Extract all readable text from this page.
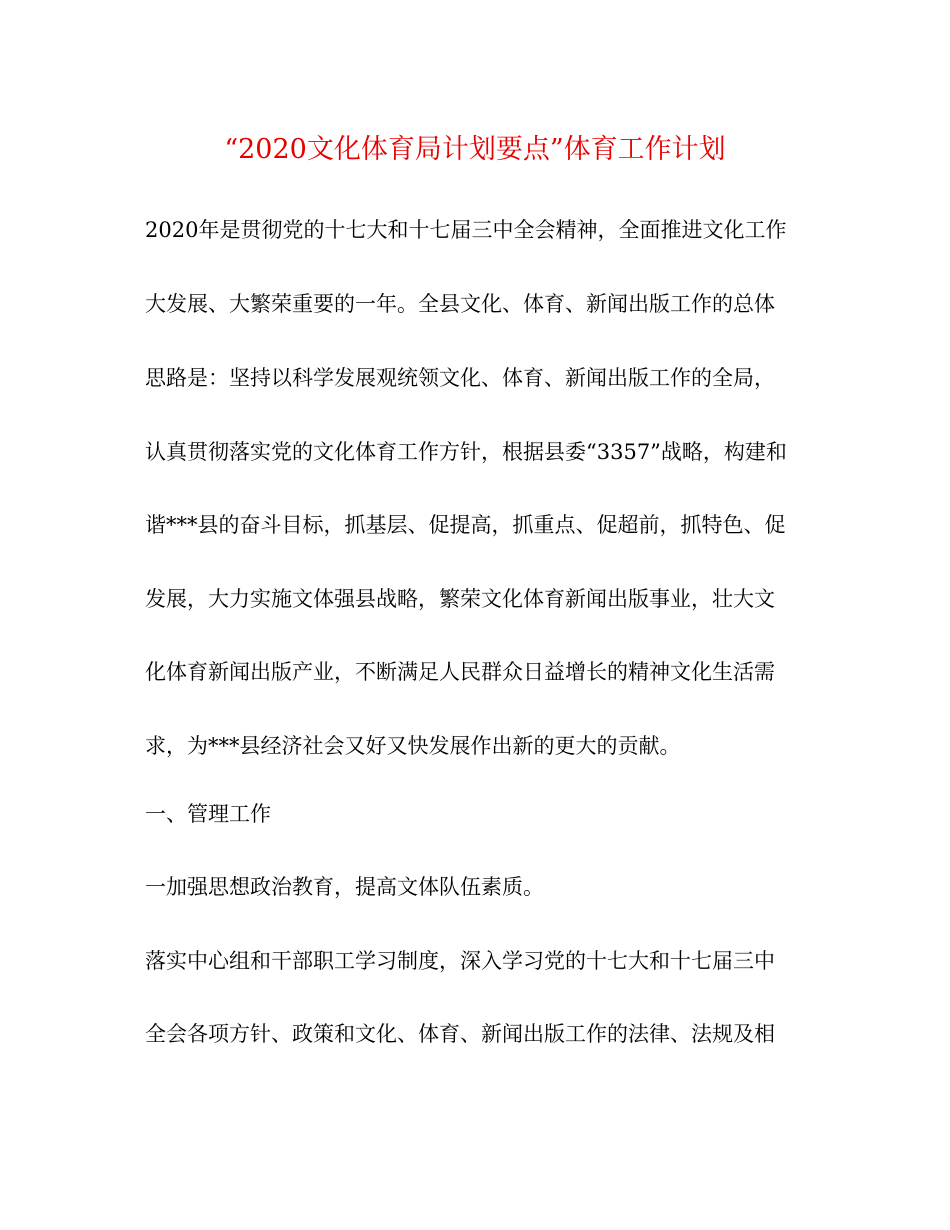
“2020文化体育局计划要点”体育工作计划

2020年是贯彻党的十七大和十七届三中全会精神，全面推进文化工作

大发展、大繁荣重要的一年。全县文化、体育、新闻出版工作的总体

思路是：坚持以科学发展观统领文化、体育、新闻出版工作的全局，

认真贯彻落实党的文化体育工作方针，根据县委“3357”战略，构建和

谐***县的奋斗目标，抓基层、促提高，抓重点、促超前，抓特色、促

发展，大力实施文体强县战略，繁荣文化体育新闻出版事业，壮大文

化体育新闻出版产业，不断满足人民群众日益增长的精神文化生活需

求，为***县经济社会又好又快发展作出新的更大的贡献。

一、管理工作

一加强思想政治教育，提高文体队伍素质。

落实中心组和干部职工学习制度，深入学习党的十七大和十七届三中

全会各项方针、政策和文化、体育、新闻出版工作的法律、法规及相
